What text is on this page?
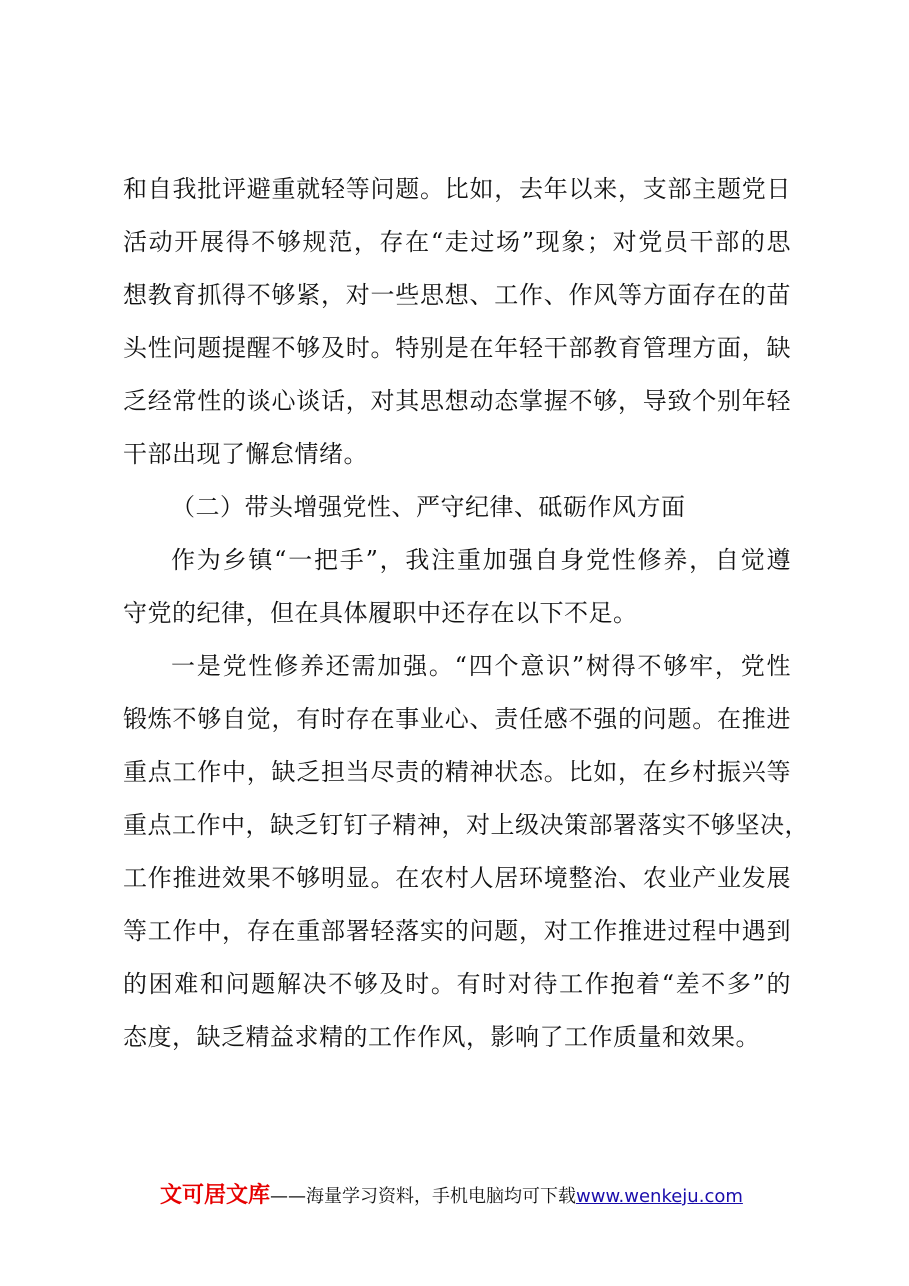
和自我批评避重就轻等问题。比如，去年以来，支部主题党日
活动开展得不够规范，存在“走过场”现象；对党员干部的思
想教育抓得不够紧，对一些思想、工作、作风等方面存在的苗
头性问题提醒不够及时。特别是在年轻干部教育管理方面，缺
乏经常性的谈心谈话，对其思想动态掌握不够，导致个别年轻
干部出现了懈怠情绪。
（二）带头增强党性、严守纪律、砥砺作风方面
作为乡镇“一把手”，我注重加强自身党性修养，自觉遵
守党的纪律，但在具体履职中还存在以下不足。
一是党性修养还需加强。“四个意识”树得不够牢，党性
锻炼不够自觉，有时存在事业心、责任感不强的问题。在推进
重点工作中，缺乏担当尽责的精神状态。比如，在乡村振兴等
重点工作中，缺乏钉钉子精神，对上级决策部署落实不够坚决，
工作推进效果不够明显。在农村人居环境整治、农业产业发展
等工作中，存在重部署轻落实的问题，对工作推进过程中遇到
的困难和问题解决不够及时。有时对待工作抱着“差不多”的
态度，缺乏精益求精的工作作风，影响了工作质量和效果。
文可居文库——海量学习资料，手机电脑均可下载www.wenkeju.com
